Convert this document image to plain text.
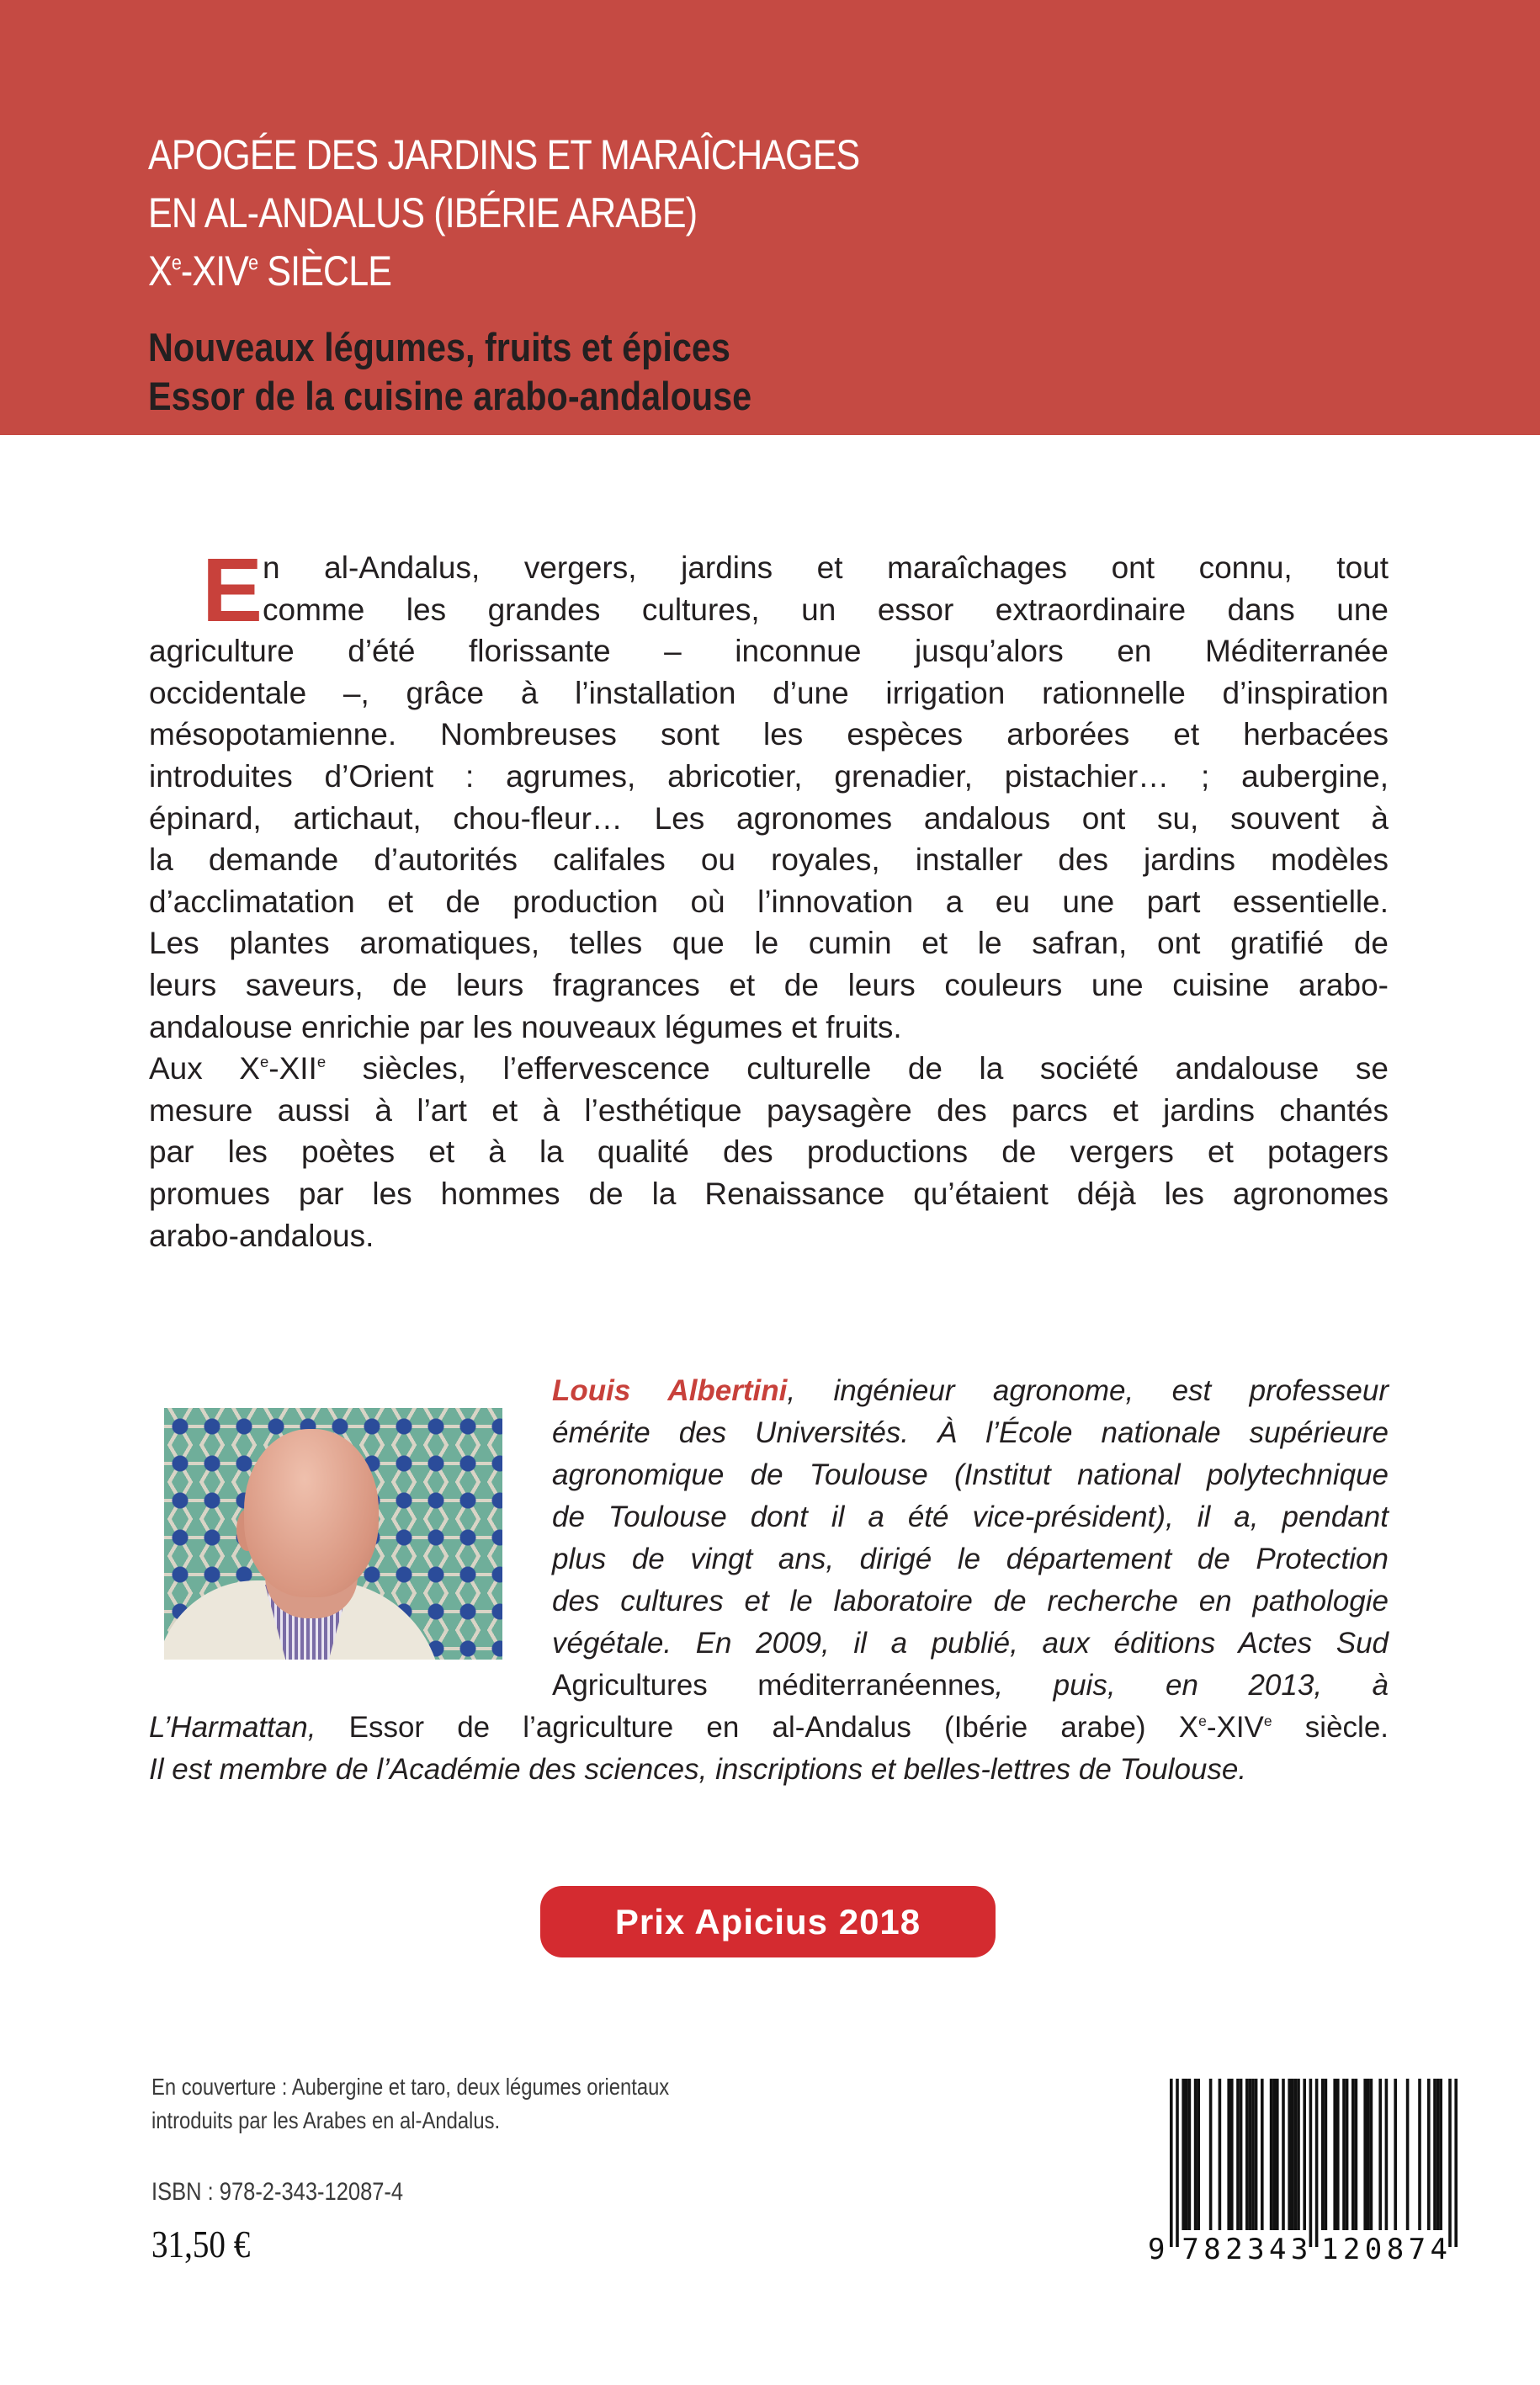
APOGÉE DES JARDINS ET MARAÎCHAGES
EN AL-ANDALUS (IBÉRIE ARABE)
Xe-XIVe SIÈCLE
Nouveaux légumes, fruits et épices
Essor de la cuisine arabo-andalouse
E n al-Andalus, vergers, jardins et maraîchages ont connu, tout
comme les grandes cultures, un essor extraordinaire dans une
agriculture d’été florissante – inconnue jusqu’alors en Méditerranée
occidentale –, grâce à l’installation d’une irrigation rationnelle d’inspiration
mésopotamienne. Nombreuses sont les espèces arborées et herbacées
introduites d’Orient : agrumes, abricotier, grenadier, pistachier… ; aubergine,
épinard, artichaut, chou-fleur… Les agronomes andalous ont su, souvent à
la demande d’autorités califales ou royales, installer des jardins modèles
d’acclimatation et de production où l’innovation a eu une part essentielle.
Les plantes aromatiques, telles que le cumin et le safran, ont gratifié de
leurs saveurs, de leurs fragrances et de leurs couleurs une cuisine arabo-
andalouse enrichie par les nouveaux légumes et fruits.
Aux Xe-XIIe siècles, l’effervescence culturelle de la société andalouse se
mesure aussi à l’art et à l’esthétique paysagère des parcs et jardins chantés
par les poètes et à la qualité des productions de vergers et potagers
promues par les hommes de la Renaissance qu’étaient déjà les agronomes
arabo-andalous.
Louis Albertini, ingénieur agronome, est professeur
émérite des Universités. À l’École nationale supérieure
agronomique de Toulouse (Institut national polytechnique
de Toulouse dont il a été vice-président), il a, pendant
plus de vingt ans, dirigé le département de Protection
des cultures et le laboratoire de recherche en pathologie
végétale. En 2009, il a publié, aux éditions Actes Sud
Agricultures méditerranéennes, puis, en 2013, à
L’Harmattan, Essor de l’agriculture en al-Andalus (Ibérie arabe) Xe-XIVe siècle.
Il est membre de l’Académie des sciences, inscriptions et belles-lettres de Toulouse.
Prix Apicius 2018
En couverture : Aubergine et taro, deux légumes orientaux
introduits par les Arabes en al-Andalus.
ISBN : 978-2-343-12087-4
31,50 €	9 782343 120874
